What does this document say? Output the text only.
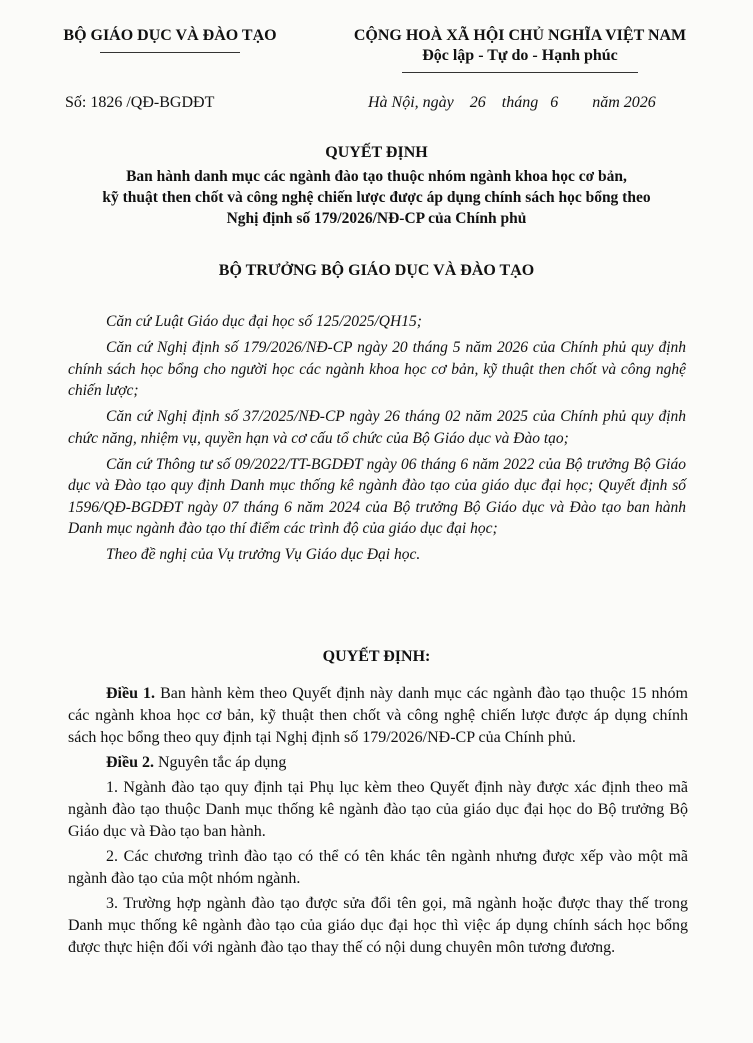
BỘ GIÁO DỤC VÀ ĐÀO TẠO	CỘNG HOÀ XÃ HỘI CHỦ NGHĨA VIỆT NAM
Độc lập - Tự do - Hạnh phúc
Số: 1826 /QĐ-BGDĐT	Hà Nội, ngày 26 tháng 6 năm 2026
QUYẾT ĐỊNH
Ban hành danh mục các ngành đào tạo thuộc nhóm ngành khoa học cơ bản,
kỹ thuật then chốt và công nghệ chiến lược được áp dụng chính sách học bổng theo
Nghị định số 179/2026/NĐ-CP của Chính phủ
BỘ TRƯỞNG BỘ GIÁO DỤC VÀ ĐÀO TẠO

Căn cứ Luật Giáo dục đại học số 125/2025/QH15;

Căn cứ Nghị định số 179/2026/NĐ-CP ngày 20 tháng 5 năm 2026 của Chính phủ quy định chính sách học bổng cho người học các ngành khoa học cơ bản, kỹ thuật then chốt và công nghệ chiến lược;

Căn cứ Nghị định số 37/2025/NĐ-CP ngày 26 tháng 02 năm 2025 của Chính phủ quy định chức năng, nhiệm vụ, quyền hạn và cơ cấu tổ chức của Bộ Giáo dục và Đào tạo;

Căn cứ Thông tư số 09/2022/TT-BGDĐT ngày 06 tháng 6 năm 2022 của Bộ trưởng Bộ Giáo dục và Đào tạo quy định Danh mục thống kê ngành đào tạo của giáo dục đại học; Quyết định số 1596/QĐ-BGDĐT ngày 07 tháng 6 năm 2024 của Bộ trưởng Bộ Giáo dục và Đào tạo ban hành Danh mục ngành đào tạo thí điểm các trình độ của giáo dục đại học;

Theo đề nghị của Vụ trưởng Vụ Giáo dục Đại học.

QUYẾT ĐỊNH:

Điều 1. Ban hành kèm theo Quyết định này danh mục các ngành đào tạo thuộc 15 nhóm các ngành khoa học cơ bản, kỹ thuật then chốt và công nghệ chiến lược được áp dụng chính sách học bổng theo quy định tại Nghị định số 179/2026/NĐ-CP của Chính phủ.

Điều 2. Nguyên tắc áp dụng

1. Ngành đào tạo quy định tại Phụ lục kèm theo Quyết định này được xác định theo mã ngành đào tạo thuộc Danh mục thống kê ngành đào tạo của giáo dục đại học do Bộ trưởng Bộ Giáo dục và Đào tạo ban hành.

2. Các chương trình đào tạo có thể có tên khác tên ngành nhưng được xếp vào một mã ngành đào tạo của một nhóm ngành.

3. Trường hợp ngành đào tạo được sửa đổi tên gọi, mã ngành hoặc được thay thế trong Danh mục thống kê ngành đào tạo của giáo dục đại học thì việc áp dụng chính sách học bổng được thực hiện đối với ngành đào tạo thay thế có nội dung chuyên môn tương đương.
